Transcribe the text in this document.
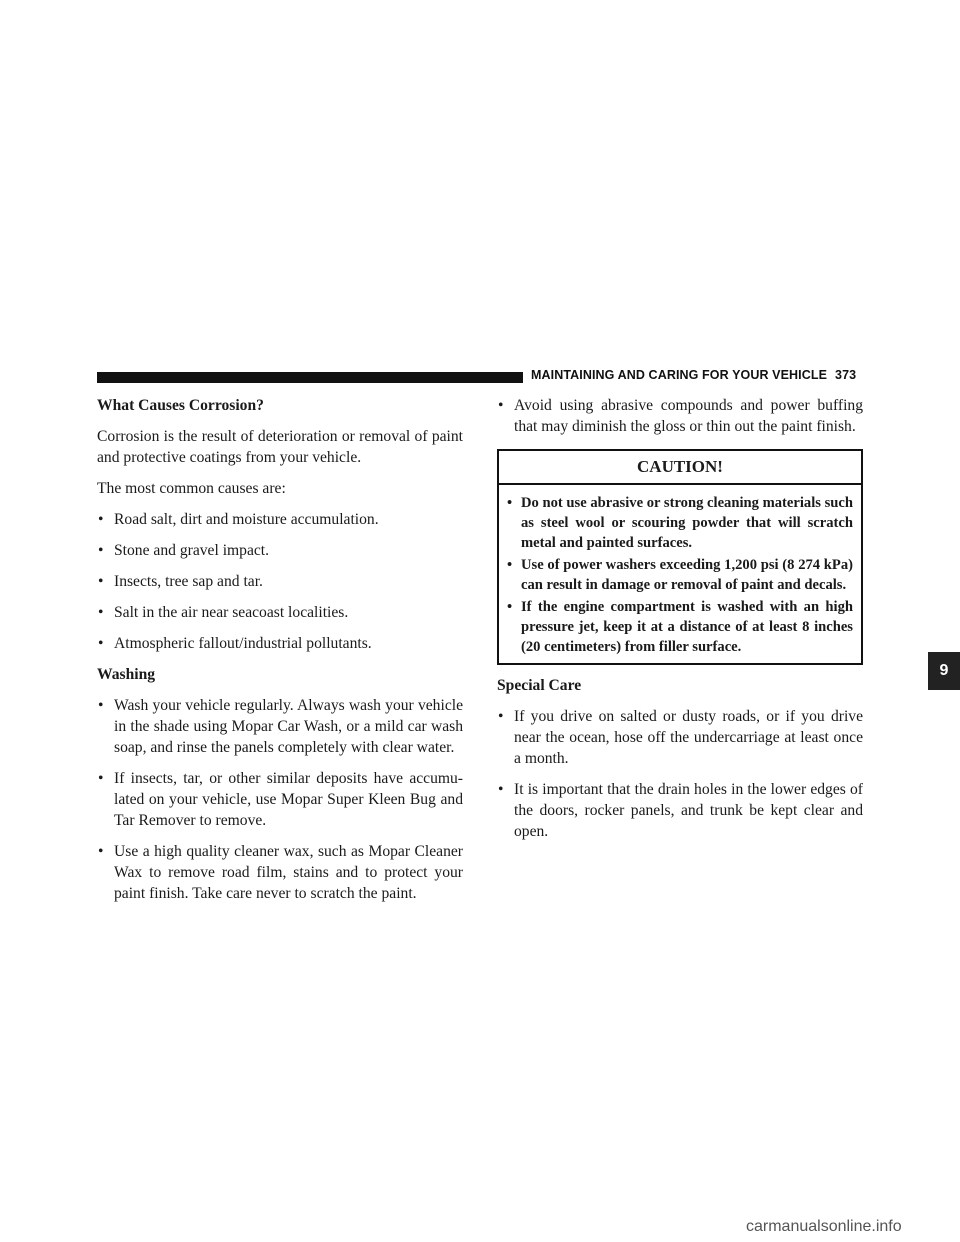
MAINTAINING AND CARING FOR YOUR VEHICLE 373
What Causes Corrosion?

Corrosion is the result of deterioration or removal of paint and protective coatings from your vehicle.

The most common causes are:

• Road salt, dirt and moisture accumulation.
• Stone and gravel impact.
• Insects, tree sap and tar.
• Salt in the air near seacoast localities.
• Atmospheric fallout/industrial pollutants.
Washing
• Wash your vehicle regularly. Always wash your vehicle in the shade using Mopar Car Wash, or a mild car wash soap, and rinse the panels completely with clear water.
• If insects, tar, or other similar deposits have accumu- lated on your vehicle, use Mopar Super Kleen Bug and Tar Remover to remove.
• Use a high quality cleaner wax, such as Mopar Cleaner Wax to remove road film, stains and to protect your paint finish. Take care never to scratch the paint.
• Avoid using abrasive compounds and power buffing that may diminish the gloss or thin out the paint finish.
CAUTION!
• Do not use abrasive or strong cleaning materials such as steel wool or scouring powder that will scratch metal and painted surfaces.
• Use of power washers exceeding 1,200 psi (8 274 kPa) can result in damage or removal of paint and decals.
• If the engine compartment is washed with an high pressure jet, keep it at a distance of at least 8 inches (20 centimeters) from filler surface.
Special Care
• If you drive on salted or dusty roads, or if you drive near the ocean, hose off the undercarriage at least once a month.
• It is important that the drain holes in the lower edges of the doors, rocker panels, and trunk be kept clear and open.
9
carmanualsonline.info
